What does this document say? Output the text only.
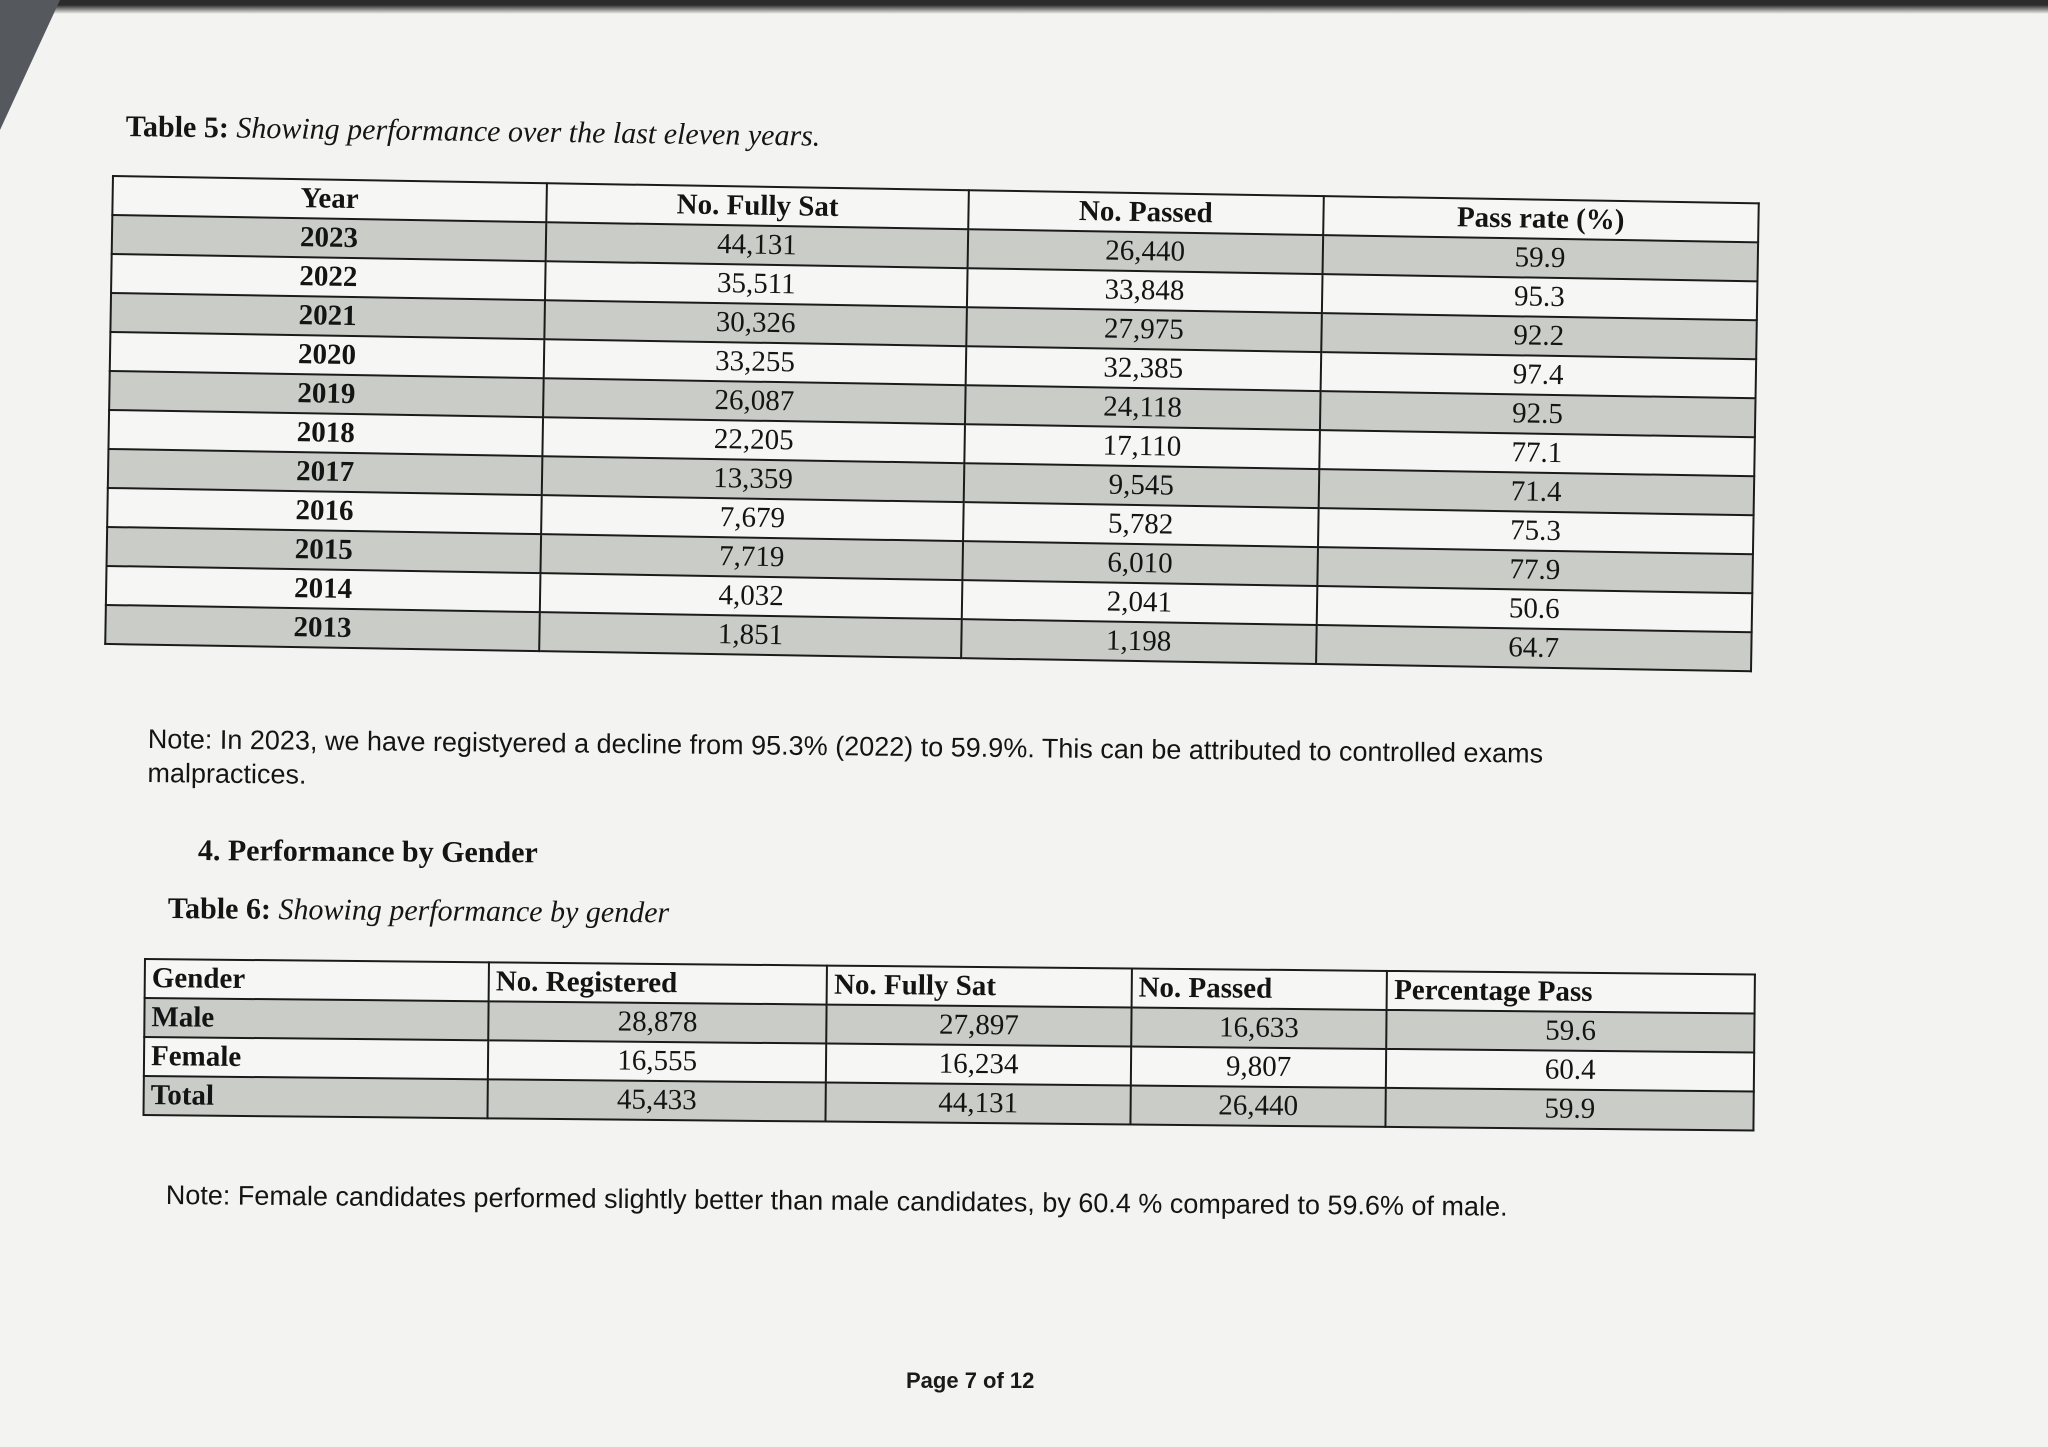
Table 5: Showing performance over the last eleven years.
Year	No. Fully Sat	No. Passed	Pass rate (%)
2023	44,131	26,440	59.9
2022	35,511	33,848	95.3
2021	30,326	27,975	92.2
2020	33,255	32,385	97.4
2019	26,087	24,118	92.5
2018	22,205	17,110	77.1
2017	13,359	9,545	71.4
2016	7,679	5,782	75.3
2015	7,719	6,010	77.9
2014	4,032	2,041	50.6
2013	1,851	1,198	64.7
Note: In 2023, we have registyered a decline from 95.3% (2022) to 59.9%. This can be attributed to controlled exams malpractices.
4. Performance by Gender
Table 6: Showing performance by gender
Gender	No. Registered	No. Fully Sat	No. Passed	Percentage Pass
Male	28,878	27,897	16,633	59.6
Female	16,555	16,234	9,807	60.4
Total	45,433	44,131	26,440	59.9
Note: Female candidates performed slightly better than male candidates, by 60.4 % compared to 59.6% of male.
Page 7 of 12
